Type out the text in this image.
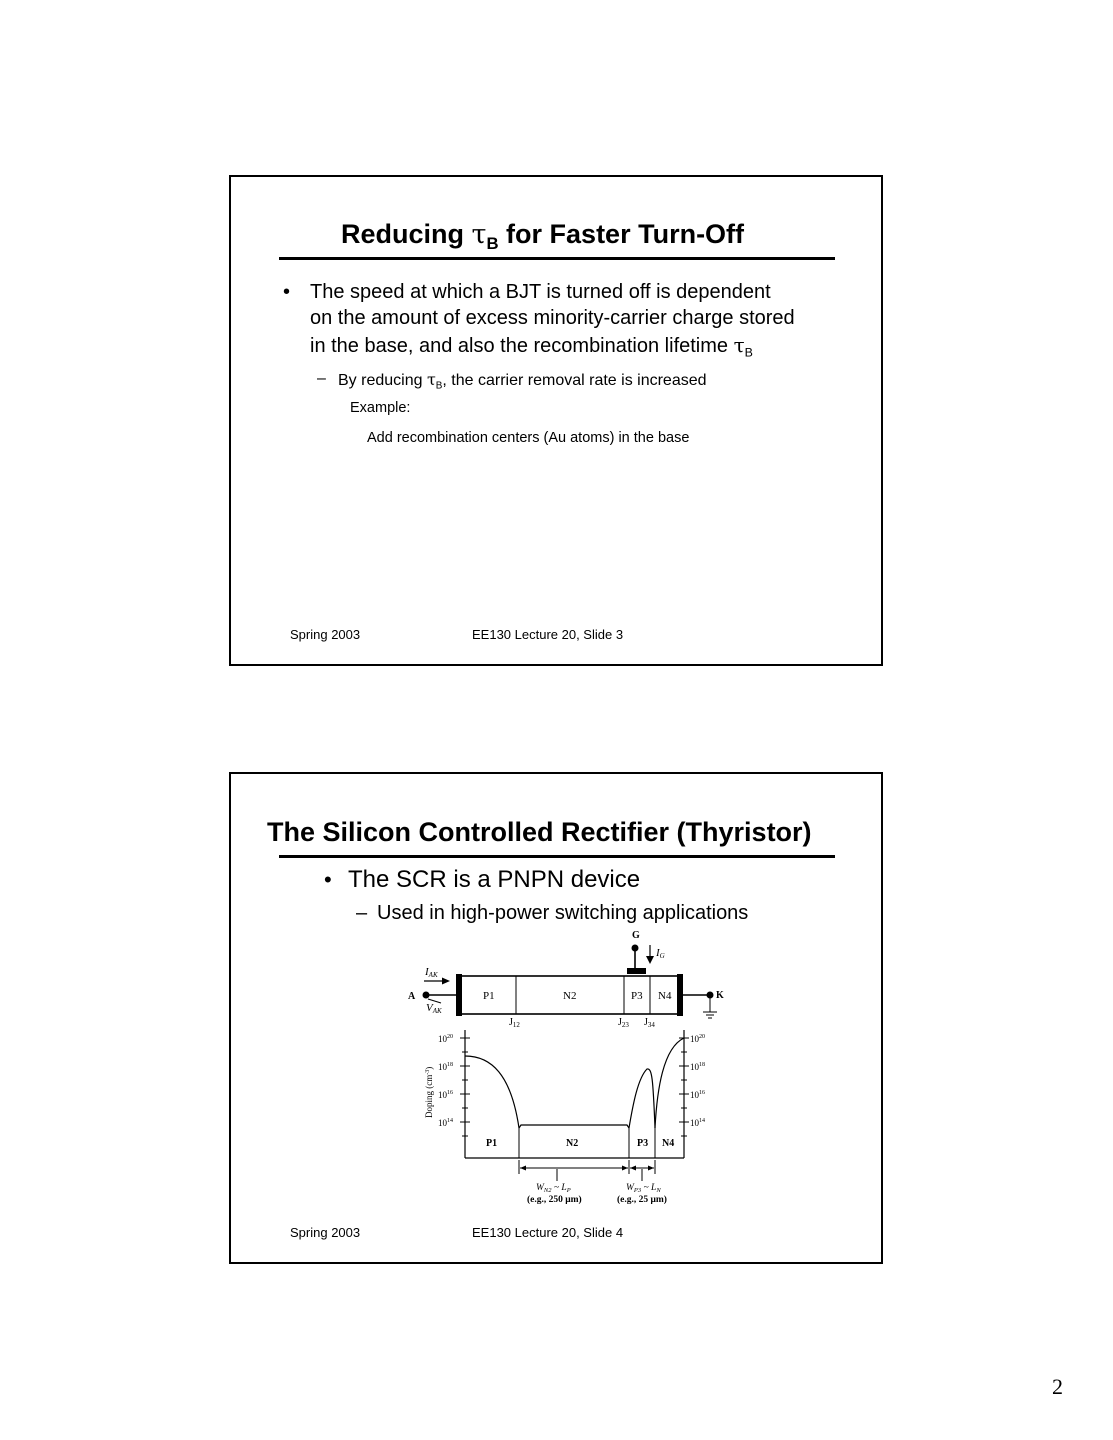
Reducing $\tau_B$ for Faster Turn-Off
• The speed at which a BJT is turned off is dependent
on the amount of excess minority-carrier charge stored
in the base, and also the recombination lifetime $\tau_B$
– By reducing $\tau_B$, the carrier removal rate is increased
Example:
Add recombination centers (Au atoms) in the base
Spring 2003	EE130 Lecture 20, Slide 3
The Silicon Controlled Rectifier (Thyristor)
• The SCR is a PNPN device
– Used in high-power switching applications
G
IG
IAK
A
VAK
P1	N2	P3 N4
$J_{12}$	$J_{23}$ $J_{34}$
K
$10^{20}$
$10^{18}$
$10^{16}$
$10^{14}$
$10^{20}$
$10^{18}$
$10^{16}$
$10^{14}$
Doping $(cm^{-3})$
P1	N2	P3 N4
$W_{N2}$ ~ $L_P$
(e.g., 250 μm)
$W_{P3}$ ~ $L_N$
(e.g., 25 μm)
Spring 2003	EE130 Lecture 20, Slide 4
2
